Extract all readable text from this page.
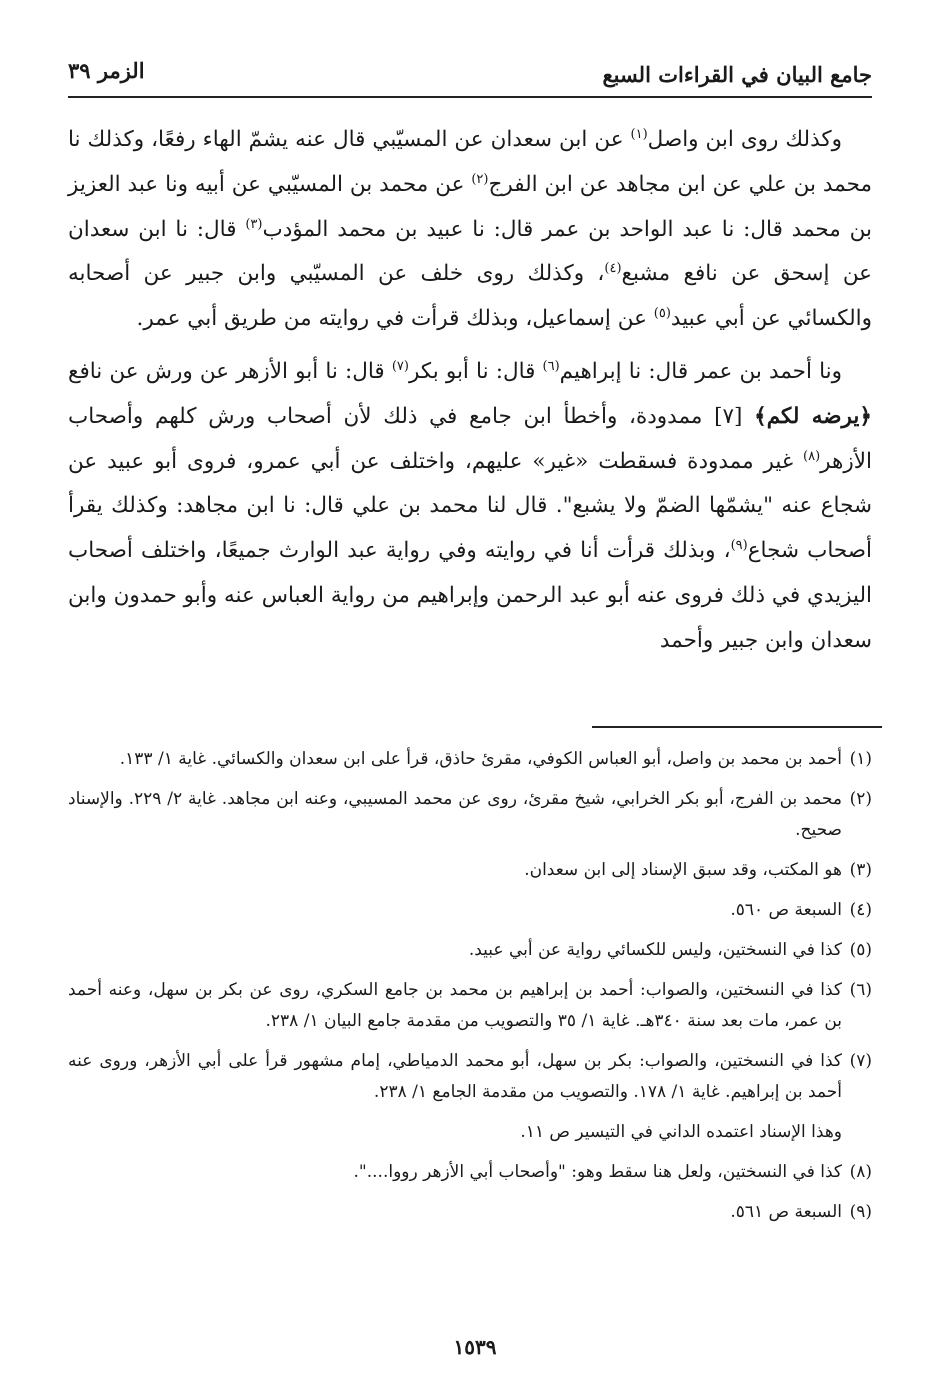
جامع البيان في القراءات السبع
الزمر ٣٩

وكذلك روى ابن واصل$^{(١)}$ عن ابن سعدان عن المسيّبي قال عنه يشمّ الهاء رفعًا، وكذلك نا محمد بن علي عن ابن مجاهد عن ابن الفرج$^{(٢)}$ عن محمد بن المسيّبي عن أبيه ونا عبد العزيز بن محمد قال: نا عبد الواحد بن عمر قال: نا عبيد بن محمد المؤدب$^{(٣)}$ قال: نا ابن سعدان عن إسحق عن نافع مشبع$^{(٤)}$، وكذلك روى خلف عن المسيّبي وابن جبير عن أصحابه والكسائي عن أبي عبيد$^{(٥)}$ عن إسماعيل، وبذلك قرأت في روايته من طريق أبي عمر.

ونا أحمد بن عمر قال: نا إبراهيم$^{(٦)}$ قال: نا أبو بكر$^{(٧)}$ قال: نا أبو الأزهر عن ورش عن نافع ﴿يرضه لكم﴾ [٧] ممدودة، وأخطأ ابن جامع في ذلك لأن أصحاب ورش كلهم وأصحاب الأزهر$^{(٨)}$ غير ممدودة فسقطت «غير» عليهم، واختلف عن أبي عمرو، فروى أبو عبيد عن شجاع عنه "يشمّها الضمّ ولا يشبع". قال لنا محمد بن علي قال: نا ابن مجاهد: وكذلك يقرأ أصحاب شجاع$^{(٩)}$، وبذلك قرأت أنا في روايته وفي رواية عبد الوارث جميعًا، واختلف أصحاب اليزيدي في ذلك فروى عنه أبو عبد الرحمن وإبراهيم من رواية العباس عنه وأبو حمدون وابن سعدان وابن جبير وأحمد

(١)
أحمد بن محمد بن واصل، أبو العباس الكوفي، مقرئ حاذق، قرأ على ابن سعدان والكسائي. غاية ١/ ١٣٣.

(٢)
محمد بن الفرج، أبو بكر الخرابي، شيخ مقرئ، روى عن محمد المسيبي، وعنه ابن مجاهد. غاية ٢/ ٢٢٩. والإسناد صحيح.

(٣)
هو المكتب، وقد سبق الإسناد إلى ابن سعدان.

(٤)
السبعة ص ٥٦٠.

(٥)
كذا في النسختين، وليس للكسائي رواية عن أبي عبيد.

(٦)
كذا في النسختين، والصواب: أحمد بن إبراهيم بن محمد بن جامع السكري، روى عن بكر بن سهل، وعنه أحمد بن عمر، مات بعد سنة ٣٤٠هـ. غاية ١/ ٣٥ والتصويب من مقدمة جامع البيان ١/ ٢٣٨.

(٧)
كذا في النسختين، والصواب: بكر بن سهل، أبو محمد الدمياطي، إمام مشهور قرأ على أبي الأزهر، وروى عنه أحمد بن إبراهيم. غاية ١/ ١٧٨. والتصويب من مقدمة الجامع ١/ ٢٣٨.

وهذا الإسناد اعتمده الداني في التيسير ص ١١.

(٨)
كذا في النسختين، ولعل هنا سقط وهو: "وأصحاب أبي الأزهر رووا....".

(٩)
السبعة ص ٥٦١.

١٥٣٩
